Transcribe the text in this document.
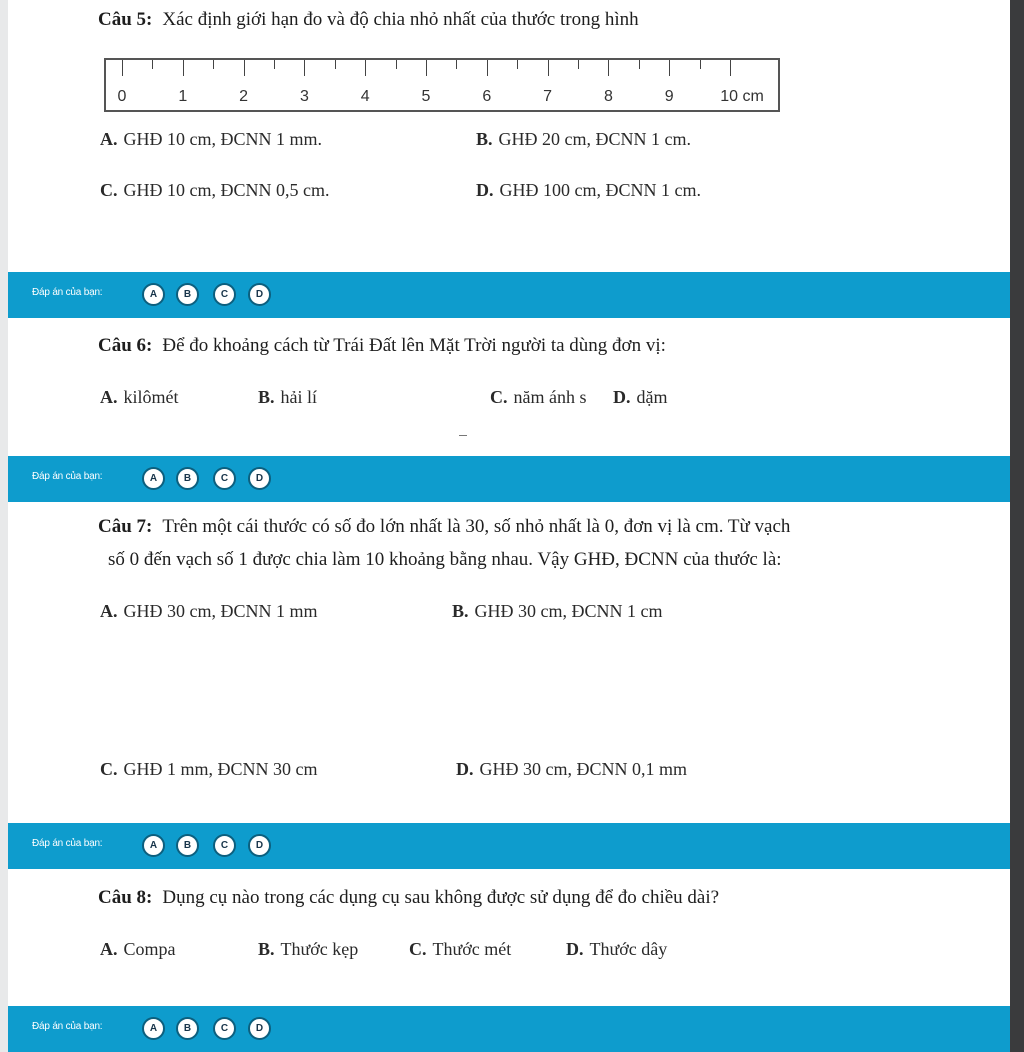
Câu 5: Xác định giới hạn đo và độ chia nhỏ nhất của thước trong hình
0	1	2	3	4	5	6	7	8	9	10 cm
A. GHĐ 10 cm, ĐCNN 1 mm.	B. GHĐ 20 cm, ĐCNN 1 cm.
C. GHĐ 10 cm, ĐCNN 0,5 cm.	D. GHĐ 100 cm, ĐCNN 1 cm.
Đáp án của bạn:	A	B	C	D
Câu 6: Để đo khoảng cách từ Trái Đất lên Mặt Trời người ta dùng đơn vị:
A. kilômét	B. hải lí	C. năm ánh s D. dặm
Đáp án của bạn:	A	B	C	D
Câu 7: Trên một cái thước có số đo lớn nhất là 30, số nhỏ nhất là 0, đơn vị là cm. Từ vạch
số 0 đến vạch số 1 được chia làm 10 khoảng bằng nhau. Vậy GHĐ, ĐCNN của thước là:
A. GHĐ 30 cm, ĐCNN 1 mm	B. GHĐ 30 cm, ĐCNN 1 cm
C. GHĐ 1 mm, ĐCNN 30 cm	D. GHĐ 30 cm, ĐCNN 0,1 mm
Đáp án của bạn:	A	B	C	D
Câu 8: Dụng cụ nào trong các dụng cụ sau không được sử dụng để đo chiều dài?
A. Compa	B. Thước kẹp	C. Thước mét	D. Thước dây
Đáp án của bạn:	A	B	C	D
